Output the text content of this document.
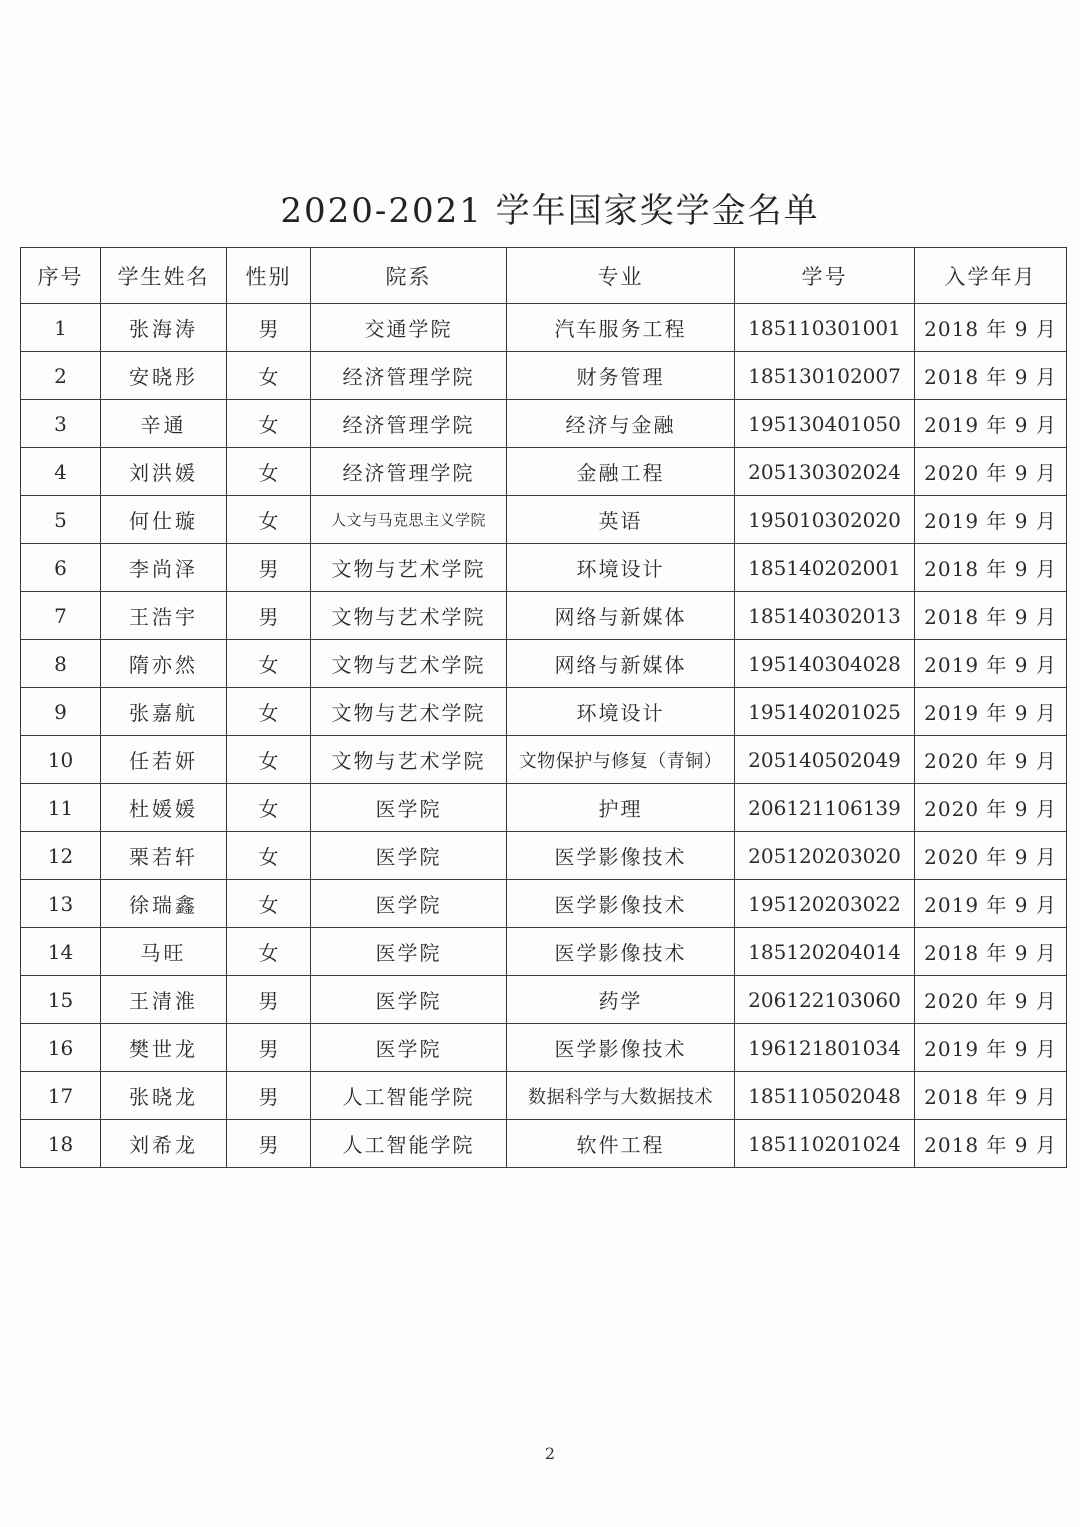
2020-2021 学年国家奖学金名单
序号	学生姓名	性别	院系	专业	学号	入学年月
1	张海涛	男	交通学院	汽车服务工程	185110301001	2018 年 9 月
2	安晓彤	女	经济管理学院	财务管理	185130102007	2018 年 9 月
3	辛通	女	经济管理学院	经济与金融	195130401050	2019 年 9 月
4	刘洪媛	女	经济管理学院	金融工程	205130302024	2020 年 9 月
5	何仕璇	女	人文与马克思主义学院	英语	195010302020	2019 年 9 月
6	李尚泽	男	文物与艺术学院	环境设计	185140202001	2018 年 9 月
7	王浩宇	男	文物与艺术学院	网络与新媒体	185140302013	2018 年 9 月
8	隋亦然	女	文物与艺术学院	网络与新媒体	195140304028	2019 年 9 月
9	张嘉航	女	文物与艺术学院	环境设计	195140201025	2019 年 9 月
10	任若妍	女	文物与艺术学院	文物保护与修复（青铜）	205140502049	2020 年 9 月
11	杜媛媛	女	医学院	护理	206121106139	2020 年 9 月
12	栗若轩	女	医学院	医学影像技术	205120203020	2020 年 9 月
13	徐瑞鑫	女	医学院	医学影像技术	195120203022	2019 年 9 月
14	马旺	女	医学院	医学影像技术	185120204014	2018 年 9 月
15	王清淮	男	医学院	药学	206122103060	2020 年 9 月
16	樊世龙	男	医学院	医学影像技术	196121801034	2019 年 9 月
17	张晓龙	男	人工智能学院	数据科学与大数据技术	185110502048	2018 年 9 月
18	刘希龙	男	人工智能学院	软件工程	185110201024	2018 年 9 月
2
